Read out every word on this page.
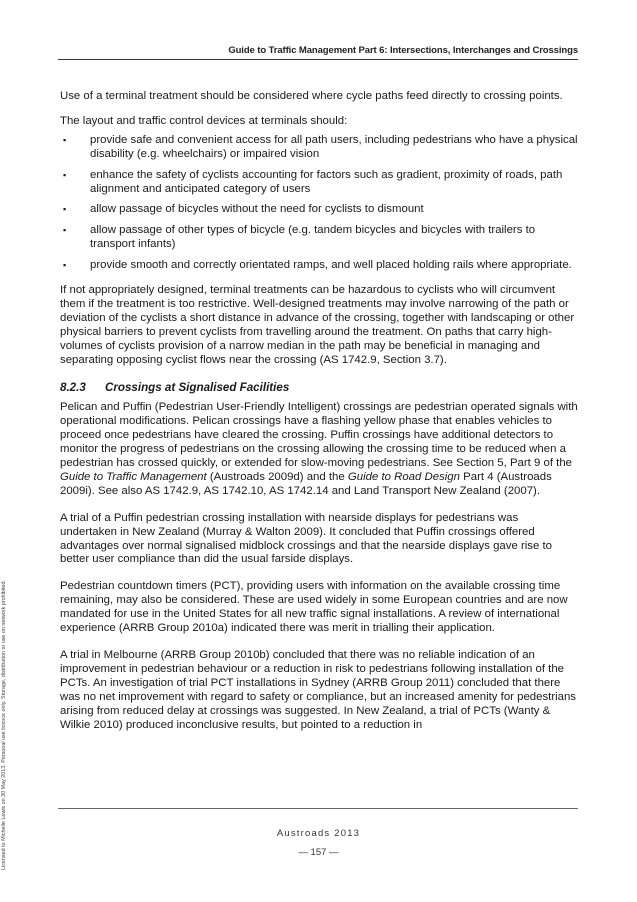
Guide to Traffic Management Part 6: Intersections, Interchanges and Crossings

Use of a terminal treatment should be considered where cycle paths feed directly to crossing points.

The layout and traffic control devices at terminals should:

▪ provide safe and convenient access for all path users, including pedestrians who have a physical disability (e.g. wheelchairs) or impaired vision
▪ enhance the safety of cyclists accounting for factors such as gradient, proximity of roads, path alignment and anticipated category of users
▪ allow passage of bicycles without the need for cyclists to dismount
▪ allow passage of other types of bicycle (e.g. tandem bicycles and bicycles with trailers to transport infants)
▪ provide smooth and correctly orientated ramps, and well placed holding rails where appropriate.

If not appropriately designed, terminal treatments can be hazardous to cyclists who will circumvent them if the treatment is too restrictive. Well-designed treatments may involve narrowing of the path or deviation of the cyclists a short distance in advance of the crossing, together with landscaping or other physical barriers to prevent cyclists from travelling around the treatment. On paths that carry high-volumes of cyclists provision of a narrow median in the path may be beneficial in managing and separating opposing cyclist flows near the crossing (AS 1742.9, Section 3.7).

8.2.3	Crossings at Signalised Facilities

Pelican and Puffin (Pedestrian User-Friendly Intelligent) crossings are pedestrian operated signals with operational modifications. Pelican crossings have a flashing yellow phase that enables vehicles to proceed once pedestrians have cleared the crossing. Puffin crossings have additional detectors to monitor the progress of pedestrians on the crossing allowing the crossing time to be reduced when a pedestrian has crossed quickly, or extended for slow-moving pedestrians. See Section 5, Part 9 of the Guide to Traffic Management (Austroads 2009d) and the Guide to Road Design Part 4 (Austroads 2009i). See also AS 1742.9, AS 1742.10, AS 1742.14 and Land Transport New Zealand (2007).

A trial of a Puffin pedestrian crossing installation with nearside displays for pedestrians was undertaken in New Zealand (Murray & Walton 2009). It concluded that Puffin crossings offered advantages over normal signalised midblock crossings and that the nearside displays gave rise to better user compliance than did the usual farside displays.

Pedestrian countdown timers (PCT), providing users with information on the available crossing time remaining, may also be considered. These are used widely in some European countries and are now mandated for use in the United States for all new traffic signal installations. A review of international experience (ARRB Group 2010a) indicated there was merit in trialling their application.

A trial in Melbourne (ARRB Group 2010b) concluded that there was no reliable indication of an improvement in pedestrian behaviour or a reduction in risk to pedestrians following installation of the PCTs. An investigation of trial PCT installations in Sydney (ARRB Group 2011) concluded that there was no net improvement with regard to safety or compliance, but an increased amenity for pedestrians arising from reduced delay at crossings was suggested. In New Zealand, a trial of PCTs (Wanty & Wilkie 2010) produced inconclusive results, but pointed to a reduction in

Austroads 2013
— 157 —
Licensed to Michelle Lewis on 30 May 2013. Personal use licence only. Storage, distribution or use on network prohibited.
